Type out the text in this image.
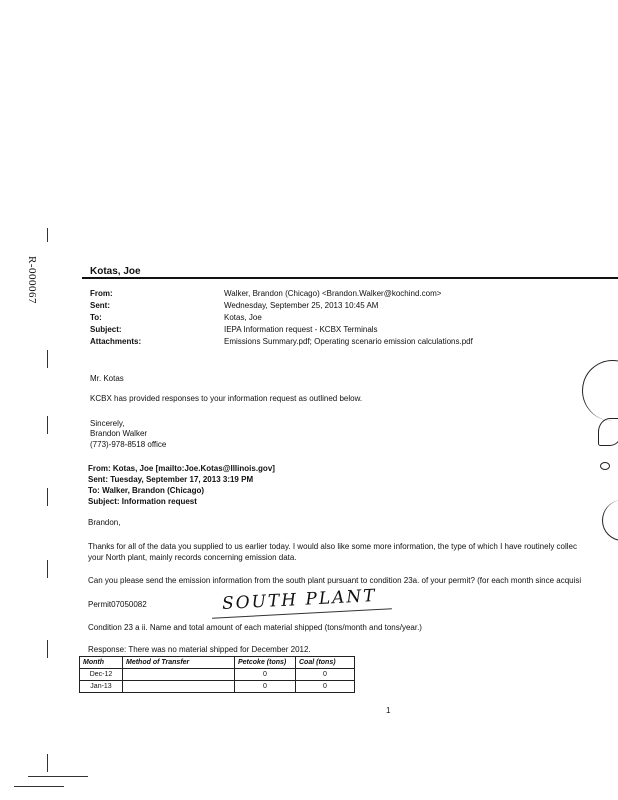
R-000067	Kotas, Joe
From:	Walker, Brandon (Chicago) <Brandon.Walker@kochind.com>
Sent:	Wednesday, September 25, 2013 10:45 AM
To:	Kotas, Joe
Subject:	IEPA Information request - KCBX Terminals
Attachments:	Emissions Summary.pdf; Operating scenario emission calculations.pdf
Mr. Kotas
KCBX has provided responses to your information request as outlined below.
Sincerely,
Brandon Walker
(773)-978-8518 office
From: Kotas, Joe [mailto:Joe.Kotas@Illinois.gov]
Sent: Tuesday, September 17, 2013 3:19 PM
To: Walker, Brandon (Chicago)
Subject: Information request
Brandon,
Thanks for all of the data you supplied to us earlier today. I would also like some more information, the type of which I have routinely collec
your North plant, mainly records concerning emission data.
Can you please send the emission information from the south plant pursuant to condition 23a. of your permit? (for each month since acquisi
Permit07050082	SOUTH PLANT
Condition 23 a ii. Name and total amount of each material shipped (tons/month and tons/year.)
Response: There was no material shipped for December 2012.
Month	Method of Transfer	Petcoke (tons)	Coal (tons)
Dec-12		0	0
Jan-13		0	0
1
